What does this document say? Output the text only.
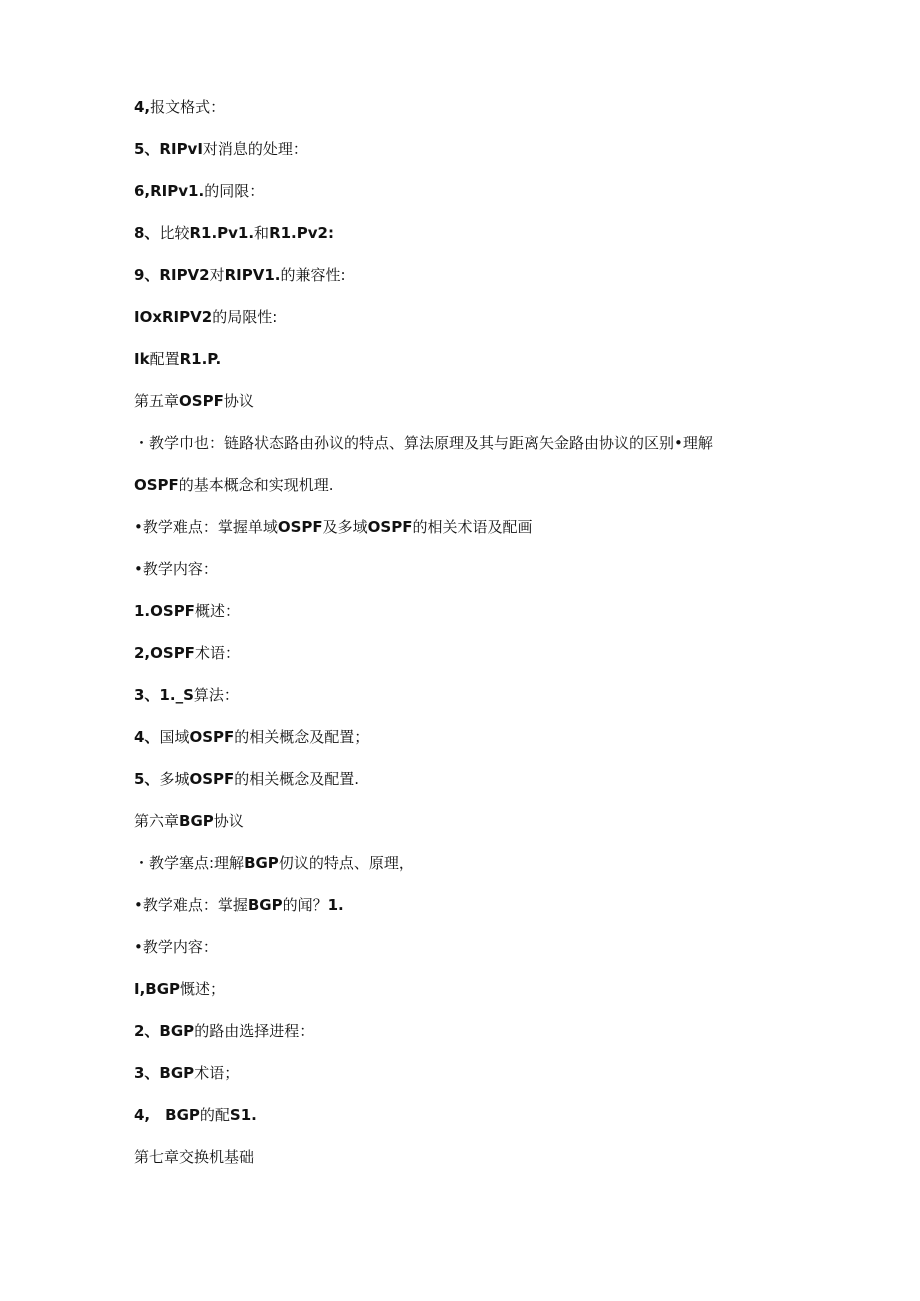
4,报文格式：
5、RIPvI对消息的处理：
6,RIPv1.的同限：
8、比较R1.Pv1.和R1.Pv2:
9、RIPV2对RIPV1.的兼容性:
IOxRIPV2的局限性:
Ik配置R1.P.
第五章OSPF协议
・教学巾也：链路状态路由孙议的特点、算法原理及其与距离矢金路由协议的区别•理解
OSPF的基本概念和实现机理.
•教学难点：掌握单域OSPF及多域OSPF的相关术语及配画
•教学内容：
1.OSPF概述：
2,OSPF术语：
3、1._S算法：
4、国域OSPF的相关概念及配置；
5、多城OSPF的相关概念及配置.
第六章BGP协议
・教学塞点:理解BGP仞议的特点、原理，
•教学难点：掌握BGP的闻？1.
•教学内容：
I,BGP慨述；
2、BGP的路由选择进程：
3、BGP术语；
4,　BGP的配S1.
第七章交换机基础
